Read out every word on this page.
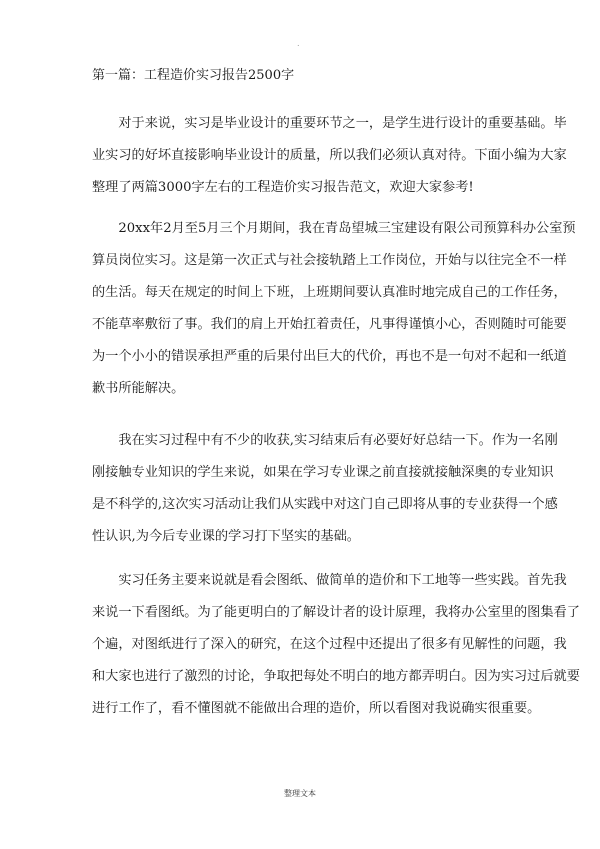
.
第一篇：工程造价实习报告2500字
　　对于来说，实习是毕业设计的重要环节之一，是学生进行设计的重要基础。毕
业实习的好坏直接影响毕业设计的质量，所以我们必须认真对待。下面小编为大家
整理了两篇3000字左右的工程造价实习报告范文，欢迎大家参考!
　　20xx年2月至5月三个月期间，我在青岛望城三宝建设有限公司预算科办公室预
算员岗位实习。这是第一次正式与社会接轨踏上工作岗位，开始与以往完全不一样
的生活。每天在规定的时间上下班，上班期间要认真准时地完成自己的工作任务，
不能草率敷衍了事。我们的肩上开始扛着责任，凡事得谨慎小心，否则随时可能要
为一个小小的错误承担严重的后果付出巨大的代价，再也不是一句对不起和一纸道
歉书所能解决。
　　我在实习过程中有不少的收获,实习结束后有必要好好总结一下。作为一名刚
刚接触专业知识的学生来说，如果在学习专业课之前直接就接触深奥的专业知识
是不科学的,这次实习活动让我们从实践中对这门自己即将从事的专业获得一个感
性认识,为今后专业课的学习打下坚实的基础。
　　实习任务主要来说就是看会图纸、做简单的造价和下工地等一些实践。首先我
来说一下看图纸。为了能更明白的了解设计者的设计原理，我将办公室里的图集看了
个遍，对图纸进行了深入的研究，在这个过程中还提出了很多有见解性的问题，我
和大家也进行了激烈的讨论，争取把每处不明白的地方都弄明白。因为实习过后就要
进行工作了，看不懂图就不能做出合理的造价，所以看图对我说确实很重要。
整理文本
